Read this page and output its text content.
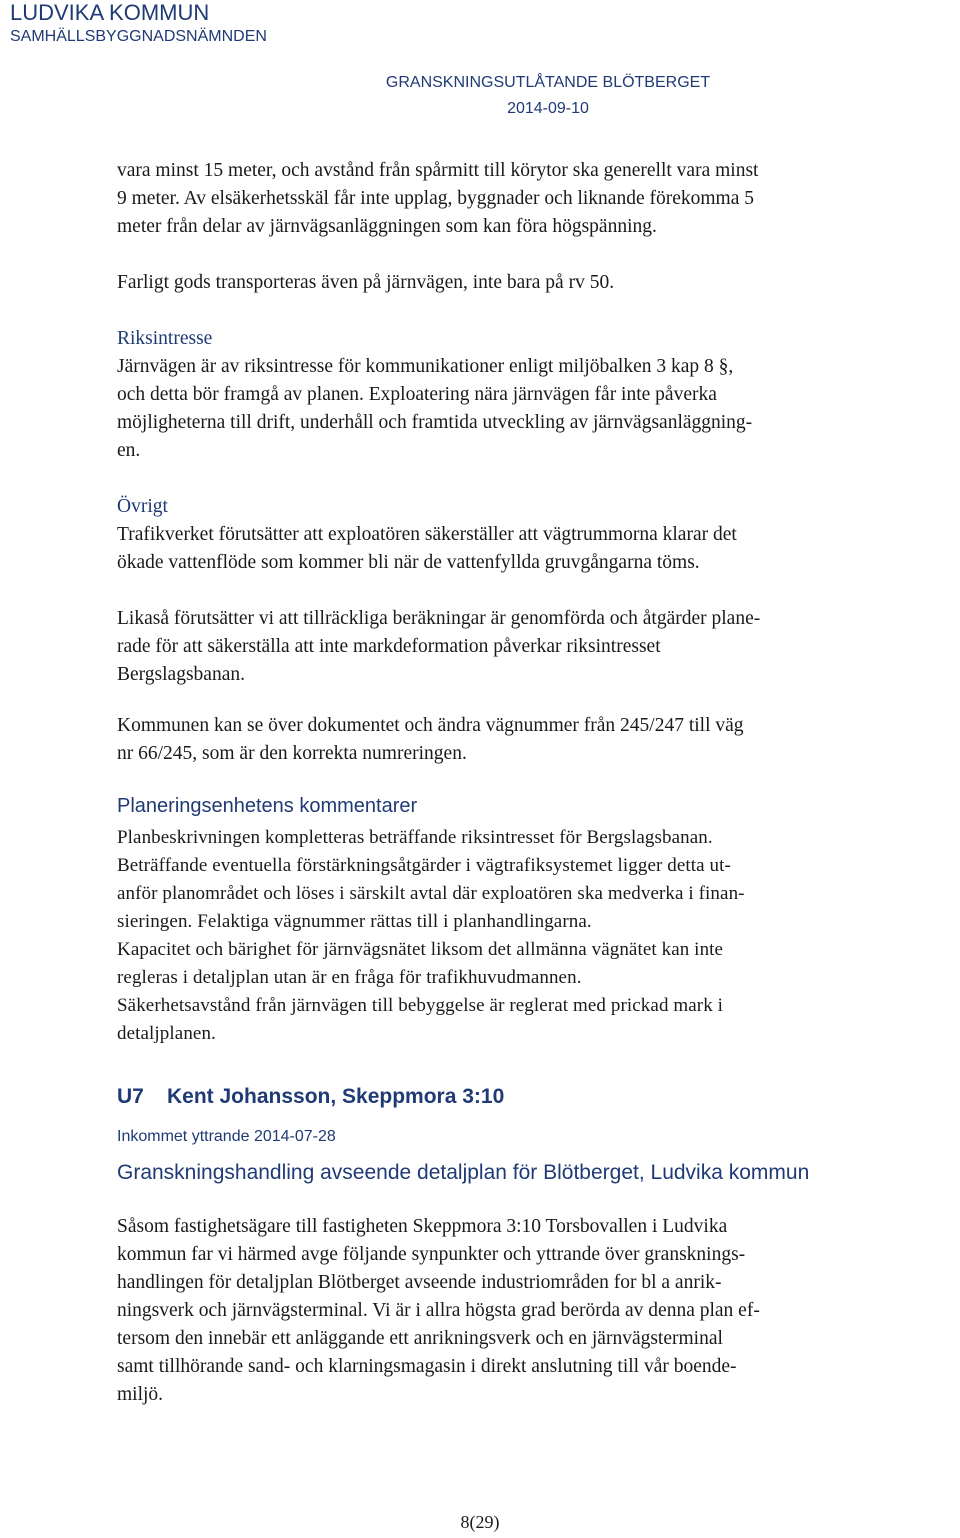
LUDVIKA KOMMUN
SAMHÄLLSBYGGNADSNÄMNDEN
GRANSKNINGSUTLÅTANDE BLÖTBERGET
2014-09-10

vara minst 15 meter, och avstånd från spårmitt till körytor ska generellt vara minst

9 meter. Av elsäkerhetsskäl får inte upplag, byggnader och liknande förekomma 5

meter från delar av järnvägsanläggningen som kan föra högspänning.

Farligt gods transporteras även på järnvägen, inte bara på rv 50.

Riksintresse

Järnvägen är av riksintresse för kommunikationer enligt miljöbalken 3 kap 8 §,

och detta bör framgå av planen. Exploatering nära järnvägen får inte påverka

möjligheterna till drift, underhåll och framtida utveckling av järnvägsanläggning-

en.

Övrigt

Trafikverket förutsätter att exploatören säkerställer att vägtrummorna klarar det

ökade vattenflöde som kommer bli när de vattenfyllda gruvgångarna töms.

Likaså förutsätter vi att tillräckliga beräkningar är genomförda och åtgärder plane-

rade för att säkerställa att inte markdeformation påverkar riksintresset

Bergslagsbanan.

Kommunen kan se över dokumentet och ändra vägnummer från 245/247 till väg

nr 66/245, som är den korrekta numreringen.

Planeringsenhetens kommentarer

Planbeskrivningen kompletteras beträffande riksintresset för Bergslagsbanan.

Beträffande eventuella förstärkningsåtgärder i vägtrafiksystemet ligger detta ut-

anför planområdet och löses i särskilt avtal där exploatören ska medverka i finan-

sieringen. Felaktiga vägnummer rättas till i planhandlingarna.

Kapacitet och bärighet för järnvägsnätet liksom det allmänna vägnätet kan inte

regleras i detaljplan utan är en fråga för trafikhuvudmannen.

Säkerhetsavstånd från järnvägen till bebyggelse är reglerat med prickad mark i

detaljplanen.

U7 Kent Johansson, Skeppmora 3:10
Inkommet yttrande 2014-07-28
Granskningshandling avseende detaljplan för Blötberget, Ludvika kommun

Såsom fastighetsägare till fastigheten Skeppmora 3:10 Torsbovallen i Ludvika

kommun far vi härmed avge följande synpunkter och yttrande över gransknings-

handlingen för detaljplan Blötberget avseende industriområden for bl a anrik-

ningsverk och järnvägsterminal. Vi är i allra högsta grad berörda av denna plan ef-

tersom den innebär ett anläggande ett anrikningsverk och en järnvägsterminal

samt tillhörande sand- och klarningsmagasin i direkt anslutning till vår boende-

miljö.

8(29)
